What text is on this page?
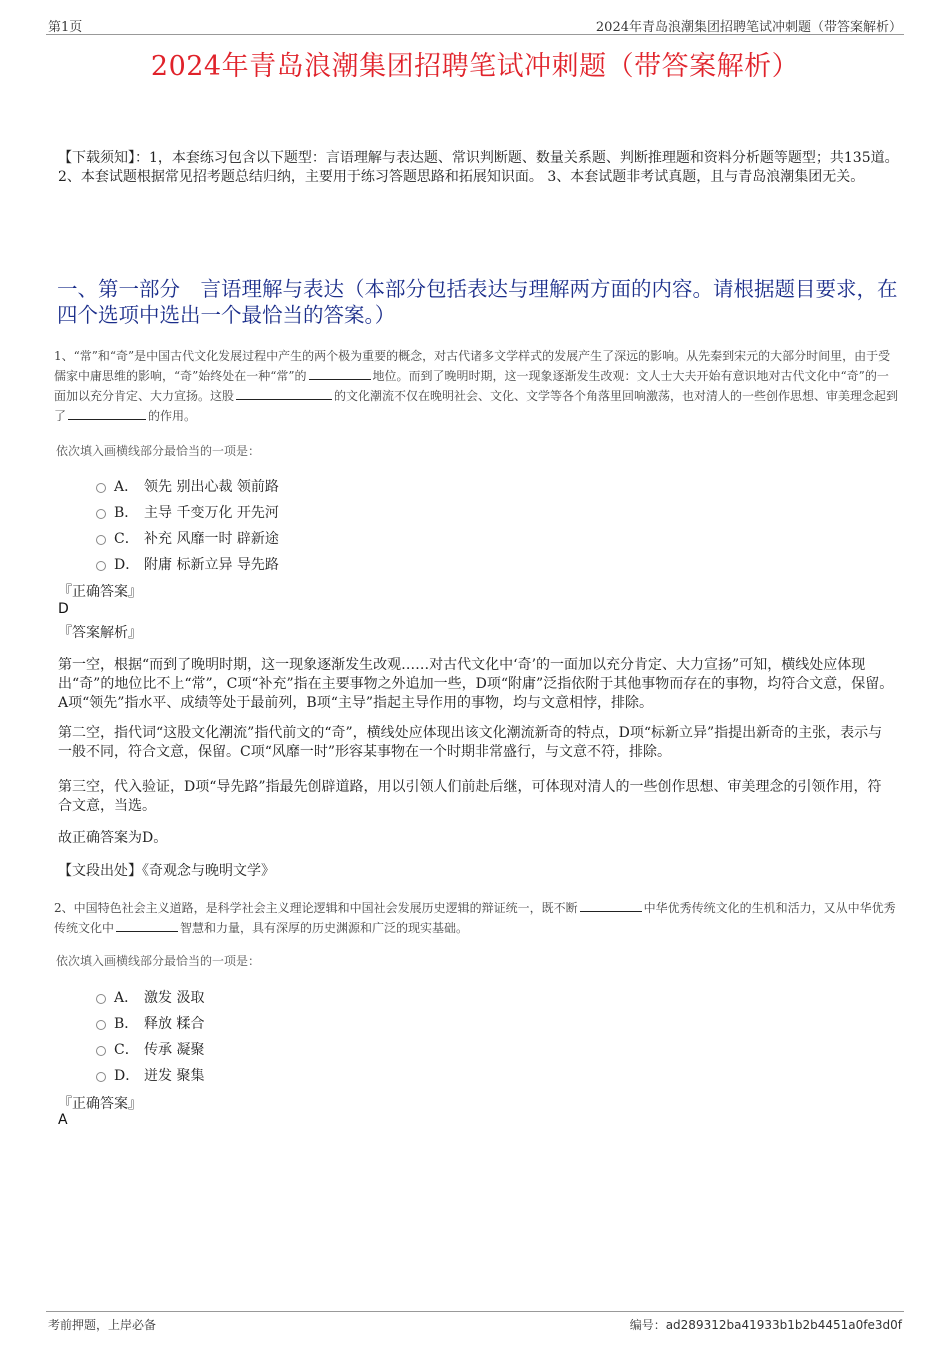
第1页	2024年青岛浪潮集团招聘笔试冲刺题（带答案解析）
2024年青岛浪潮集团招聘笔试冲刺题（带答案解析）
【下载须知】：1，本套练习包含以下题型：言语理解与表达题、常识判断题、数量关系题、判断推理题和资料分析题等题型；共135道。 2、本套试题根据常见招考题总结归纳，主要用于练习答题思路和拓展知识面。 3、本套试题非考试真题，且与青岛浪潮集团无关。
一、第一部分　言语理解与表达（本部分包括表达与理解两方面的内容。请根据题目要求，在四个选项中选出一个最恰当的答案。）
1、“常”和“奇”是中国古代文化发展过程中产生的两个极为重要的概念，对古代诸多文学样式的发展产生了深远的影响。从先秦到宋元的大部分时间里，由于受儒家中庸思维的影响，“奇”始终处在一种“常”的	地位。而到了晚明时期，这一现象逐渐发生改观：文人士大夫开始有意识地对古代文化中“奇”的一面加以充分肯定、大力宣扬。这股	的文化潮流不仅在晚明社会、文化、文学等各个角落里回响激荡，也对清人的一些创作思想、审美理念起到了	的作用。
依次填入画横线部分最恰当的一项是：
A． 领先 别出心裁 领前路
B． 主导 千变万化 开先河
C． 补充 风靡一时 辟新途
D． 附庸 标新立异 导先路
『正确答案』
D
『答案解析』
第一空，根据“而到了晚明时期，这一现象逐渐发生改观……对古代文化中‘奇’的一面加以充分肯定、大力宣扬”可知，横线处应体现出“奇”的地位比不上“常”，C项“补充”指在主要事物之外追加一些，D项“附庸”泛指依附于其他事物而存在的事物，均符合文意，保留。A项“领先”指水平、成绩等处于最前列，B项“主导”指起主导作用的事物，均与文意相悖，排除。
第二空，指代词“这股文化潮流”指代前文的“奇”，横线处应体现出该文化潮流新奇的特点，D项“标新立异”指提出新奇的主张，表示与一般不同，符合文意，保留。C项“风靡一时”形容某事物在一个时期非常盛行，与文意不符，排除。
第三空，代入验证，D项“导先路”指最先创辟道路，用以引领人们前赴后继，可体现对清人的一些创作思想、审美理念的引领作用，符合文意，当选。
故正确答案为D。
【文段出处】《奇观念与晚明文学》
2、中国特色社会主义道路，是科学社会主义理论逻辑和中国社会发展历史逻辑的辩证统一，既不断	中华优秀传统文化的生机和活力，又从中华优秀传统文化中	智慧和力量，具有深厚的历史渊源和广泛的现实基础。
依次填入画横线部分最恰当的一项是：
A． 激发 汲取
B． 释放 糅合
C． 传承 凝聚
D． 迸发 聚集
『正确答案』
A
考前押题，上岸必备	编号：ad289312ba41933b1b2b4451a0fe3d0f
